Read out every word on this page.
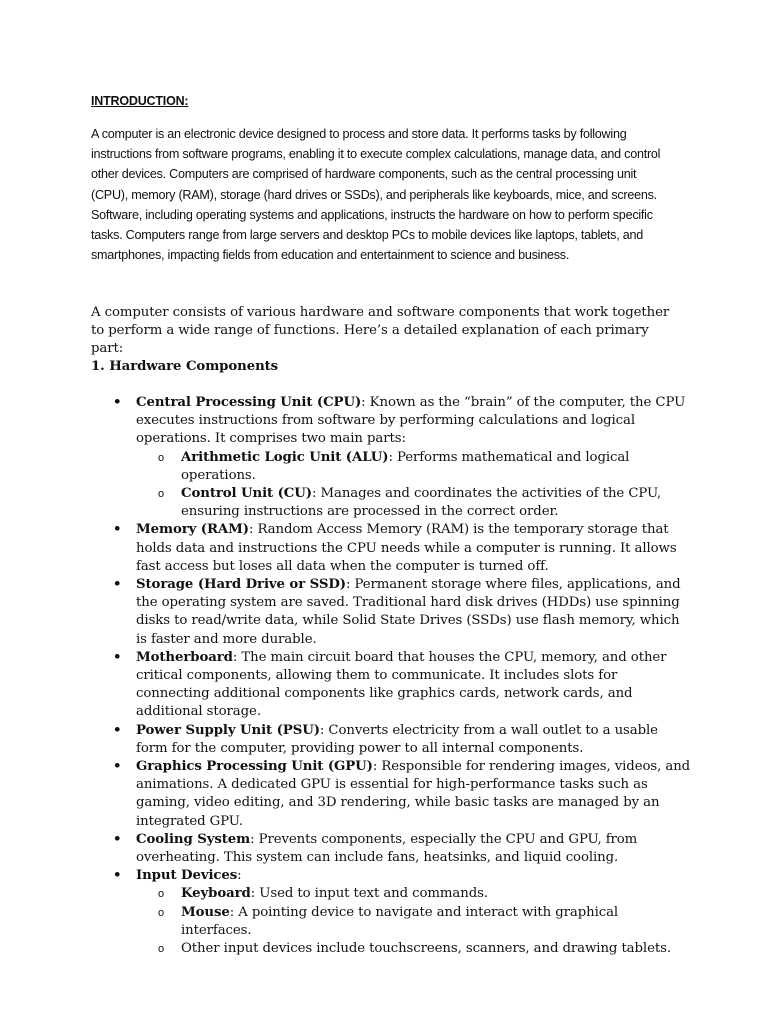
INTRODUCTION:

A computer is an electronic device designed to process and store data. It performs tasks by following instructions from software programs, enabling it to execute complex calculations, manage data, and control other devices. Computers are comprised of hardware components, such as the central processing unit (CPU), memory (RAM), storage (hard drives or SSDs), and peripherals like keyboards, mice, and screens. Software, including operating systems and applications, instructs the hardware on how to perform specific tasks. Computers range from large servers and desktop PCs to mobile devices like laptops, tablets, and smartphones, impacting fields from education and entertainment to science and business.

A computer consists of various hardware and software components that work together to perform a wide range of functions. Here’s a detailed explanation of each primary part:

1. Hardware Components

• Central Processing Unit (CPU): Known as the “brain” of the computer, the CPU executes instructions from software by performing calculations and logical operations. It comprises two main parts:
o Arithmetic Logic Unit (ALU): Performs mathematical and logical operations.
o Control Unit (CU): Manages and coordinates the activities of the CPU, ensuring instructions are processed in the correct order.
• Memory (RAM): Random Access Memory (RAM) is the temporary storage that holds data and instructions the CPU needs while a computer is running. It allows fast access but loses all data when the computer is turned off.
• Storage (Hard Drive or SSD): Permanent storage where files, applications, and the operating system are saved. Traditional hard disk drives (HDDs) use spinning disks to read/write data, while Solid State Drives (SSDs) use flash memory, which is faster and more durable.
• Motherboard: The main circuit board that houses the CPU, memory, and other critical components, allowing them to communicate. It includes slots for connecting additional components like graphics cards, network cards, and additional storage.
• Power Supply Unit (PSU): Converts electricity from a wall outlet to a usable form for the computer, providing power to all internal components.
• Graphics Processing Unit (GPU): Responsible for rendering images, videos, and animations. A dedicated GPU is essential for high-performance tasks such as gaming, video editing, and 3D rendering, while basic tasks are managed by an integrated GPU.
• Cooling System: Prevents components, especially the CPU and GPU, from overheating. This system can include fans, heatsinks, and liquid cooling.
• Input Devices:
o Keyboard: Used to input text and commands.
o Mouse: A pointing device to navigate and interact with graphical interfaces.
o Other input devices include touchscreens, scanners, and drawing tablets.
